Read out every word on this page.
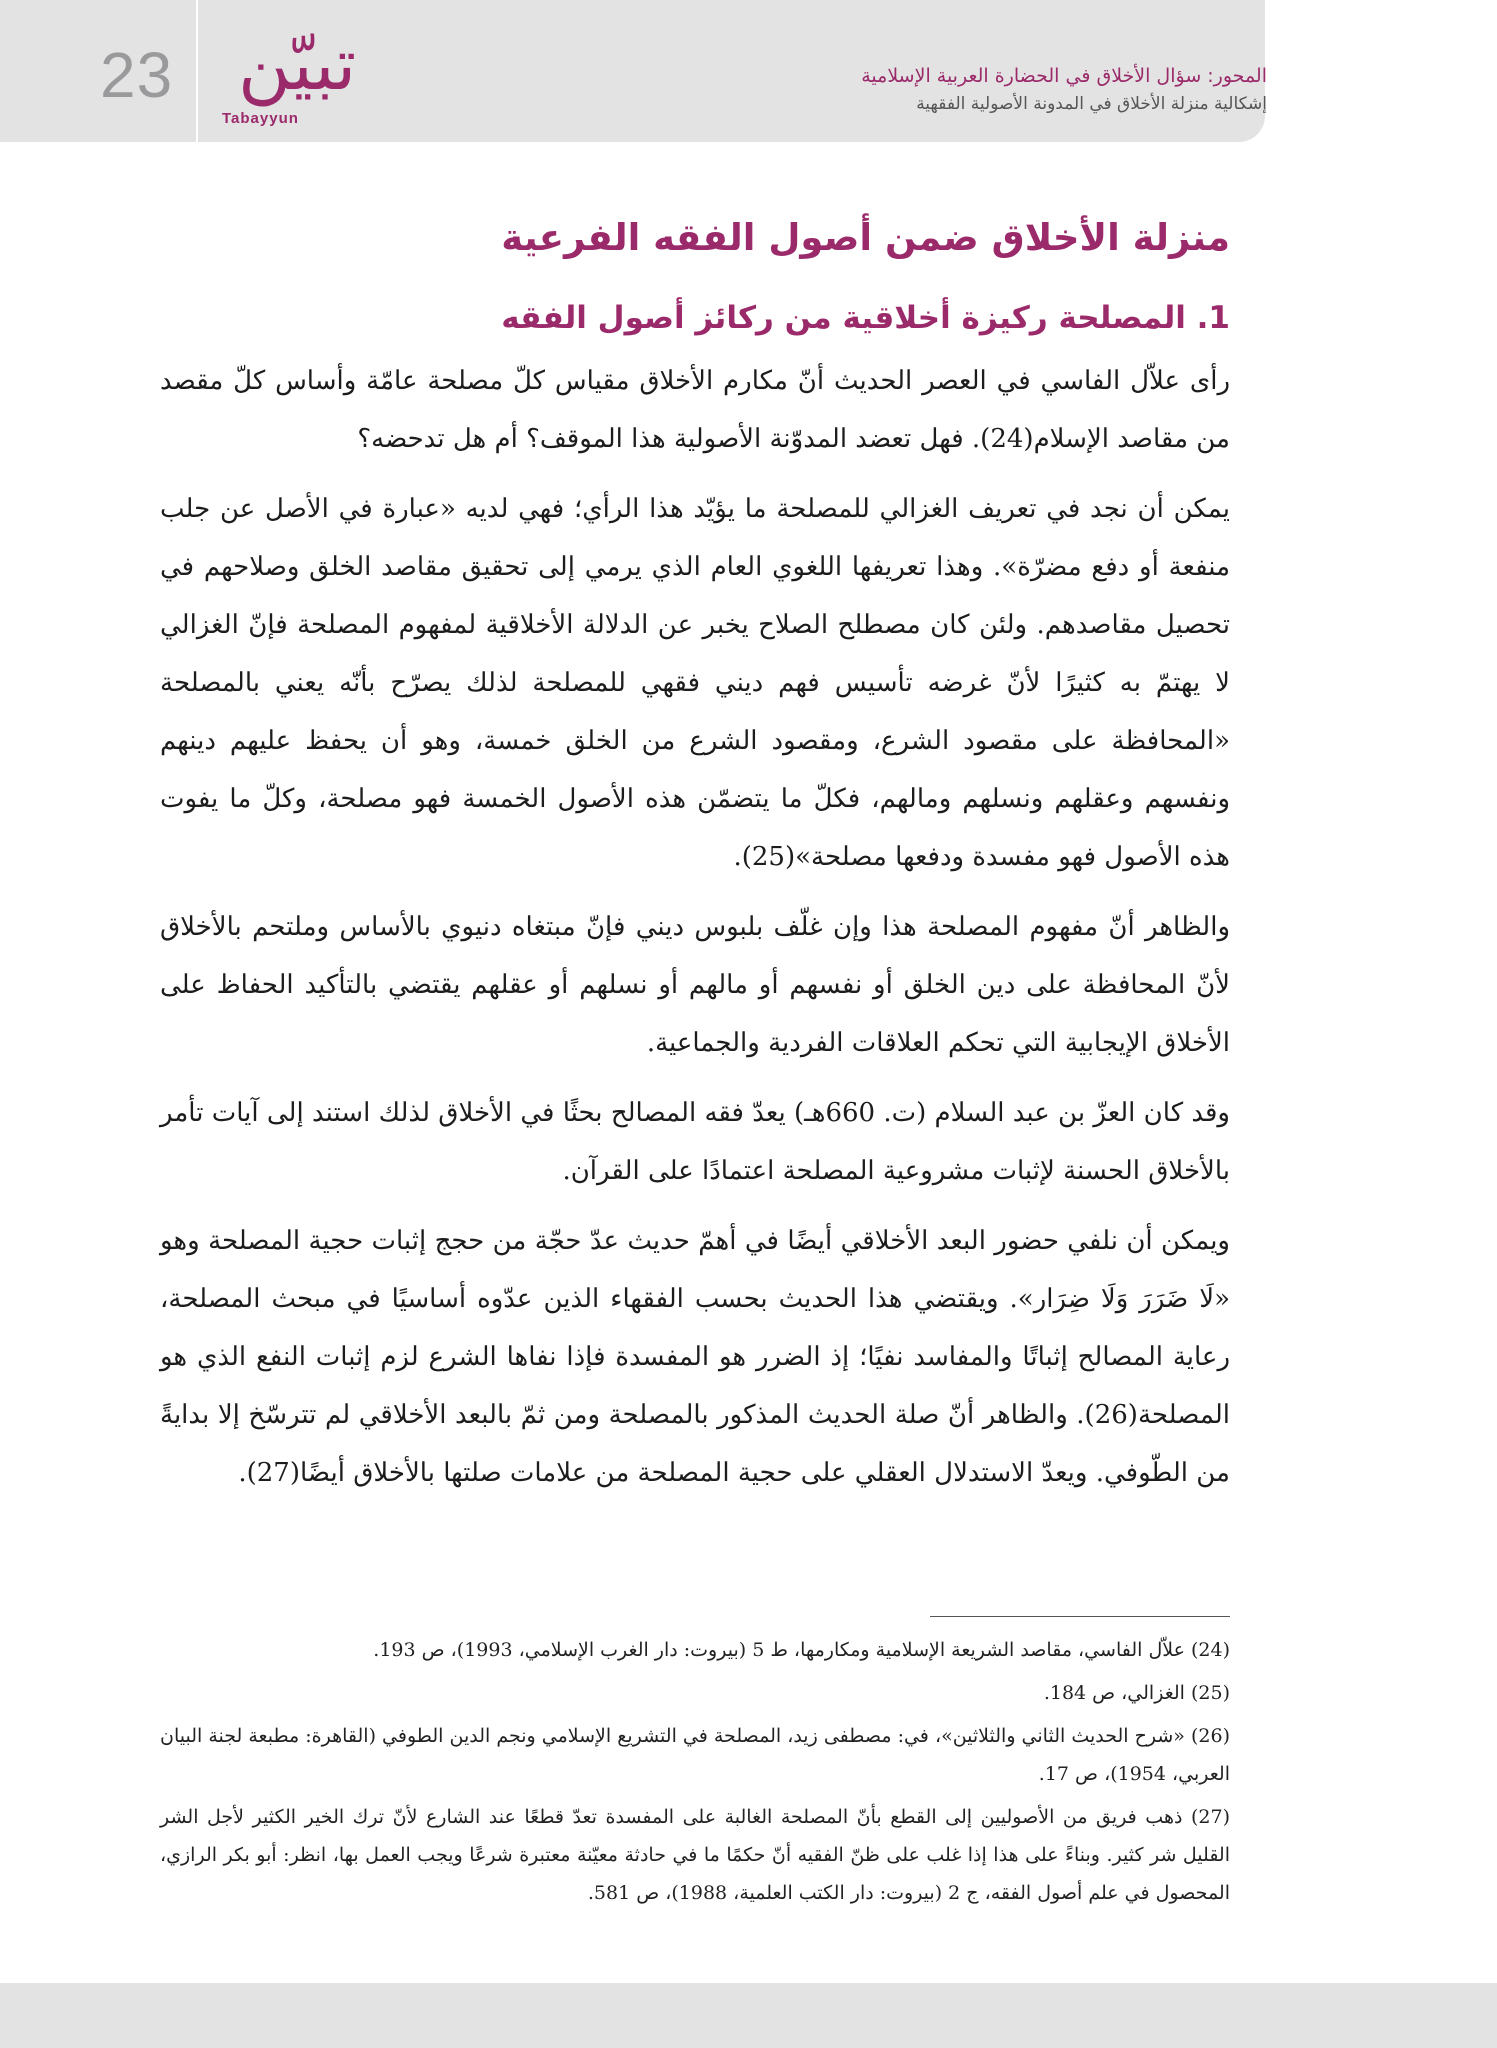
23 تبيّن
Tabayyun
المحور: سؤال الأخلاق في الحضارة العربية الإسلامية
إشكالية منزلة الأخلاق في المدونة الأصولية الفقهية
منزلة الأخلاق ضمن أصول الفقه الفرعية
1. المصلحة ركيزة أخلاقية من ركائز أصول الفقه

رأى علاّل الفاسي في العصر الحديث أنّ مكارم الأخلاق مقياس كلّ مصلحة عامّة وأساس كلّ مقصد من مقاصد الإسلام(24). فهل تعضد المدوّنة الأصولية هذا الموقف؟ أم هل تدحضه؟

يمكن أن نجد في تعريف الغزالي للمصلحة ما يؤيّد هذا الرأي؛ فهي لديه «عبارة في الأصل عن جلب منفعة أو دفع مضرّة». وهذا تعريفها اللغوي العام الذي يرمي إلى تحقيق مقاصد الخلق وصلاحهم في تحصيل مقاصدهم. ولئن كان مصطلح الصلاح يخبر عن الدلالة الأخلاقية لمفهوم المصلحة فإنّ الغزالي لا يهتمّ به كثيرًا لأنّ غرضه تأسيس فهم ديني فقهي للمصلحة لذلك يصرّح بأنّه يعني بالمصلحة «المحافظة على مقصود الشرع، ومقصود الشرع من الخلق خمسة، وهو أن يحفظ عليهم دينهم ونفسهم وعقلهم ونسلهم ومالهم، فكلّ ما يتضمّن هذه الأصول الخمسة فهو مصلحة، وكلّ ما يفوت هذه الأصول فهو مفسدة ودفعها مصلحة»(25).

والظاهر أنّ مفهوم المصلحة هذا وإن غلّف بلبوس ديني فإنّ مبتغاه دنيوي بالأساس وملتحم بالأخلاق لأنّ المحافظة على دين الخلق أو نفسهم أو مالهم أو نسلهم أو عقلهم يقتضي بالتأكيد الحفاظ على الأخلاق الإيجابية التي تحكم العلاقات الفردية والجماعية.

وقد كان العزّ بن عبد السلام (ت. 660هـ) يعدّ فقه المصالح بحثًا في الأخلاق لذلك استند إلى آيات تأمر بالأخلاق الحسنة لإثبات مشروعية المصلحة اعتمادًا على القرآن.

ويمكن أن نلفي حضور البعد الأخلاقي أيضًا في أهمّ حديث عدّ حجّة من حجج إثبات حجية المصلحة وهو «لَا ضَرَرَ وَلَا ضِرَار». ويقتضي هذا الحديث بحسب الفقهاء الذين عدّوه أساسيًا في مبحث المصلحة، رعاية المصالح إثباتًا والمفاسد نفيًا؛ إذ الضرر هو المفسدة فإذا نفاها الشرع لزم إثبات النفع الذي هو المصلحة(26). والظاهر أنّ صلة الحديث المذكور بالمصلحة ومن ثمّ بالبعد الأخلاقي لم تترسّخ إلا بدايةً من الطّوفي. ويعدّ الاستدلال العقلي على حجية المصلحة من علامات صلتها بالأخلاق أيضًا(27).

(24) علاّل الفاسي، مقاصد الشريعة الإسلامية ومكارمها، ط 5 (بيروت: دار الغرب الإسلامي، 1993)، ص 193.

(25) الغزالي، ص 184.

(26) «شرح الحديث الثاني والثلاثين»، في: مصطفى زيد، المصلحة في التشريع الإسلامي ونجم الدين الطوفي (القاهرة: مطبعة لجنة البيان العربي، 1954)، ص 17.

(27) ذهب فريق من الأصوليين إلى القطع بأنّ المصلحة الغالبة على المفسدة تعدّ قطعًا عند الشارع لأنّ ترك الخير الكثير لأجل الشر القليل شر كثير. وبناءً على هذا إذا غلب على ظنّ الفقيه أنّ حكمًا ما في حادثة معيّنة معتبرة شرعًا ويجب العمل بها، انظر: أبو بكر الرازي، المحصول في علم أصول الفقه، ج 2 (بيروت: دار الكتب العلمية، 1988)، ص 581.
